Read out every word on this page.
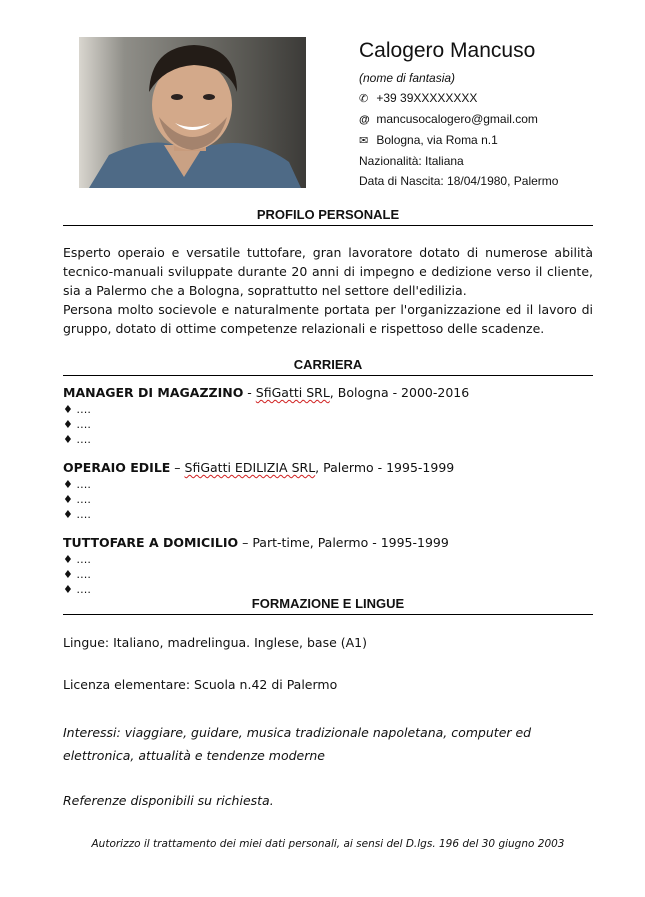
Calogero Mancuso
(nome di fantasia)
✆ +39 39XXXXXXXX
@ mancusocalogero@gmail.com
✉ Bologna, via Roma n.1
Nazionalità: Italiana
Data di Nascita: 18/04/1980, Palermo
PROFILO PERSONALE
Esperto operaio e versatile tuttofare, gran lavoratore dotato di numerose abilità tecnico-manuali sviluppate durante 20 anni di impegno e dedizione verso il cliente, sia a Palermo che a Bologna, soprattutto nel settore dell'edilizia.
Persona molto socievole e naturalmente portata per l'organizzazione ed il lavoro di gruppo, dotato di ottime competenze relazionali e rispettoso delle scadenze.
CARRIERA
MANAGER DI MAGAZZINO - SfiGatti SRL, Bologna - 2000-2016
♦ ….
♦ ….
♦ ….
OPERAIO EDILE – SfiGatti EDILIZIA SRL, Palermo - 1995-1999
♦ ….
♦ ….
♦ ….
TUTTOFARE A DOMICILIO – Part-time, Palermo - 1995-1999
♦ ….
♦ ….
♦ ….
FORMAZIONE E LINGUE
Lingue: Italiano, madrelingua. Inglese, base (A1)
Licenza elementare: Scuola n.42 di Palermo
Interessi: viaggiare, guidare, musica tradizionale napoletana, computer ed elettronica, attualità e tendenze moderne
Referenze disponibili su richiesta.
Autorizzo il trattamento dei miei dati personali, ai sensi del D.lgs. 196 del 30 giugno 2003
